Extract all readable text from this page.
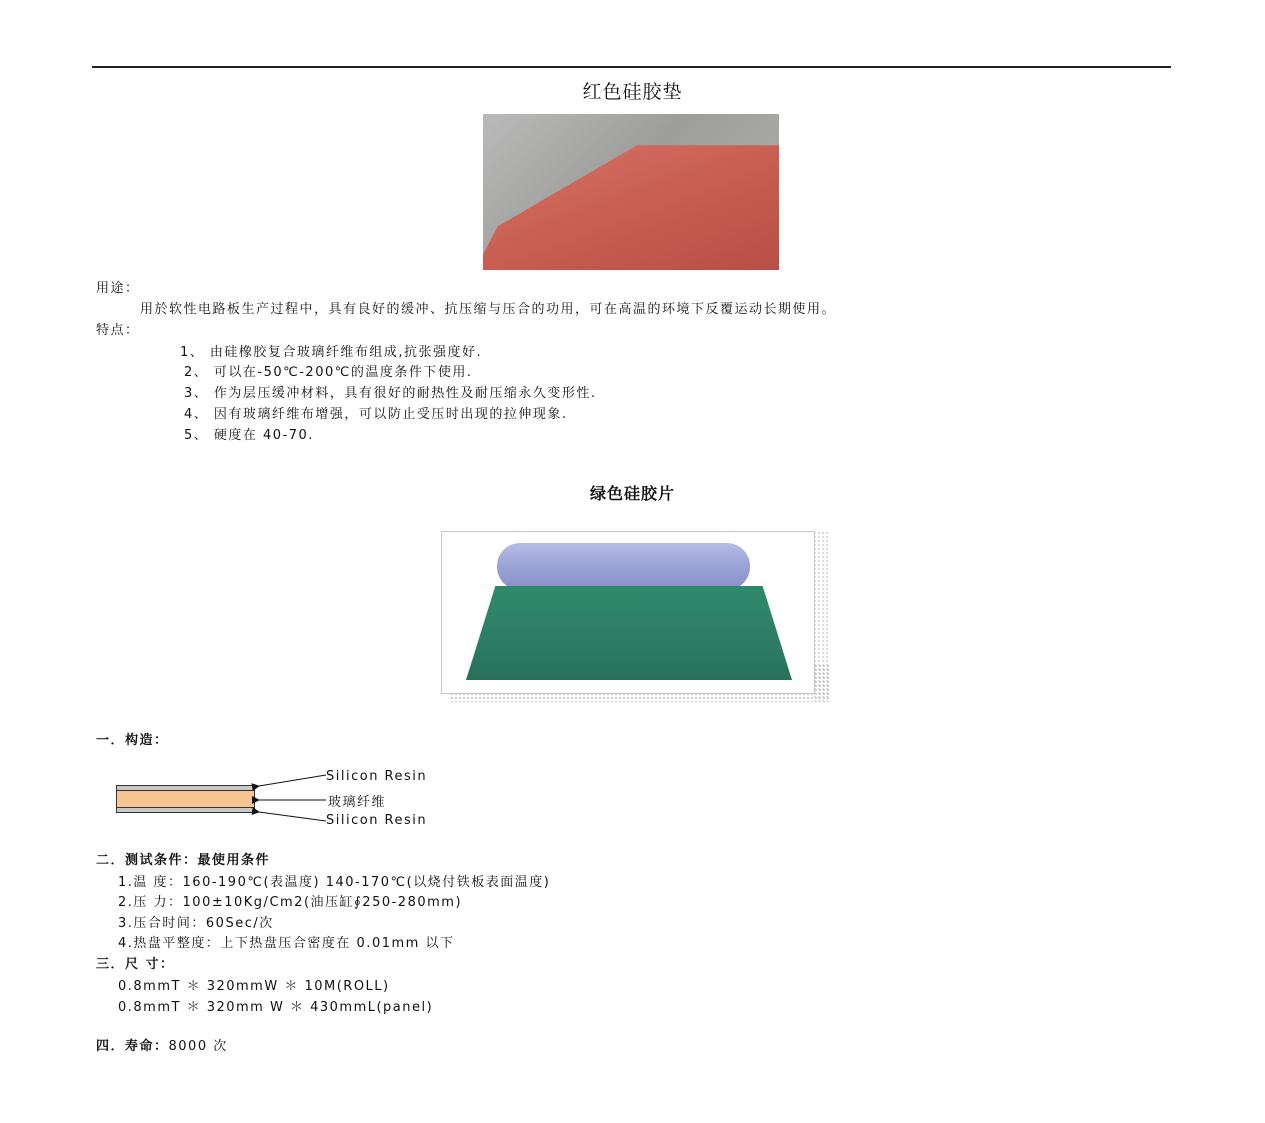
红色硅胶垫
用途：
用於软性电路板生产过程中，具有良好的缓冲、抗压缩与压合的功用，可在高温的环境下反覆运动长期使用。
特点：
1、 由硅橡胶复合玻璃纤维布组成,抗张强度好.
2、 可以在-50℃-200℃的温度条件下使用.
3、 作为层压缓冲材料，具有很好的耐热性及耐压缩永久变形性.
4、 因有玻璃纤维布增强，可以防止受压时出现的拉伸现象.
5、 硬度在 40-70.
绿色硅胶片
一．构造：
Silicon Resin
玻璃纤维
Silicon Resin
二．测试条件：最使用条件
1.温 度：160-190℃(表温度) 140-170℃(以烧付铁板表面温度)
2.压 力：100±10Kg/Cm2(油压缸∮250-280mm)
3.压合时间：60Sec/次
4.热盘平整度：上下热盘压合密度在 0.01mm 以下
三．尺 寸：
0.8mmT ＊ 320mmW ＊ 10M(ROLL)
0.8mmT ＊ 320mm W ＊ 430mmL(panel)
四．寿命：8000 次
